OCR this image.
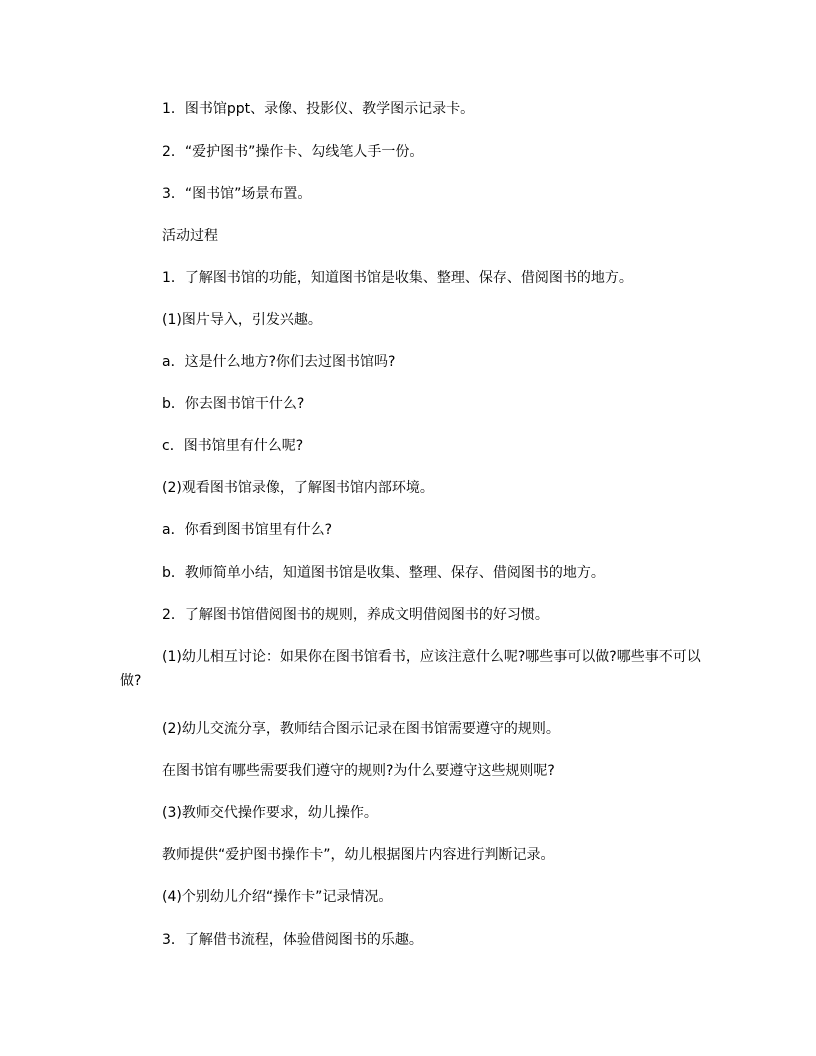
1．图书馆ppt、录像、投影仪、教学图示记录卡。

2．“爱护图书”操作卡、勾线笔人手一份。

3．“图书馆”场景布置。

活动过程

1．了解图书馆的功能，知道图书馆是收集、整理、保存、借阅图书的地方。

(1)图片导入，引发兴趣。

a．这是什么地方?你们去过图书馆吗?

b．你去图书馆干什么?

c．图书馆里有什么呢?

(2)观看图书馆录像，了解图书馆内部环境。

a．你看到图书馆里有什么?

b．教师简单小结，知道图书馆是收集、整理、保存、借阅图书的地方。

2．了解图书馆借阅图书的规则，养成文明借阅图书的好习惯。

(1)幼儿相互讨论：如果你在图书馆看书，应该注意什么呢?哪些事可以做?哪些事不可以做?

(2)幼儿交流分享，教师结合图示记录在图书馆需要遵守的规则。

在图书馆有哪些需要我们遵守的规则?为什么要遵守这些规则呢?

(3)教师交代操作要求，幼儿操作。

教师提供“爱护图书操作卡”，幼儿根据图片内容进行判断记录。

(4)个别幼儿介绍“操作卡”记录情况。

3．了解借书流程，体验借阅图书的乐趣。
